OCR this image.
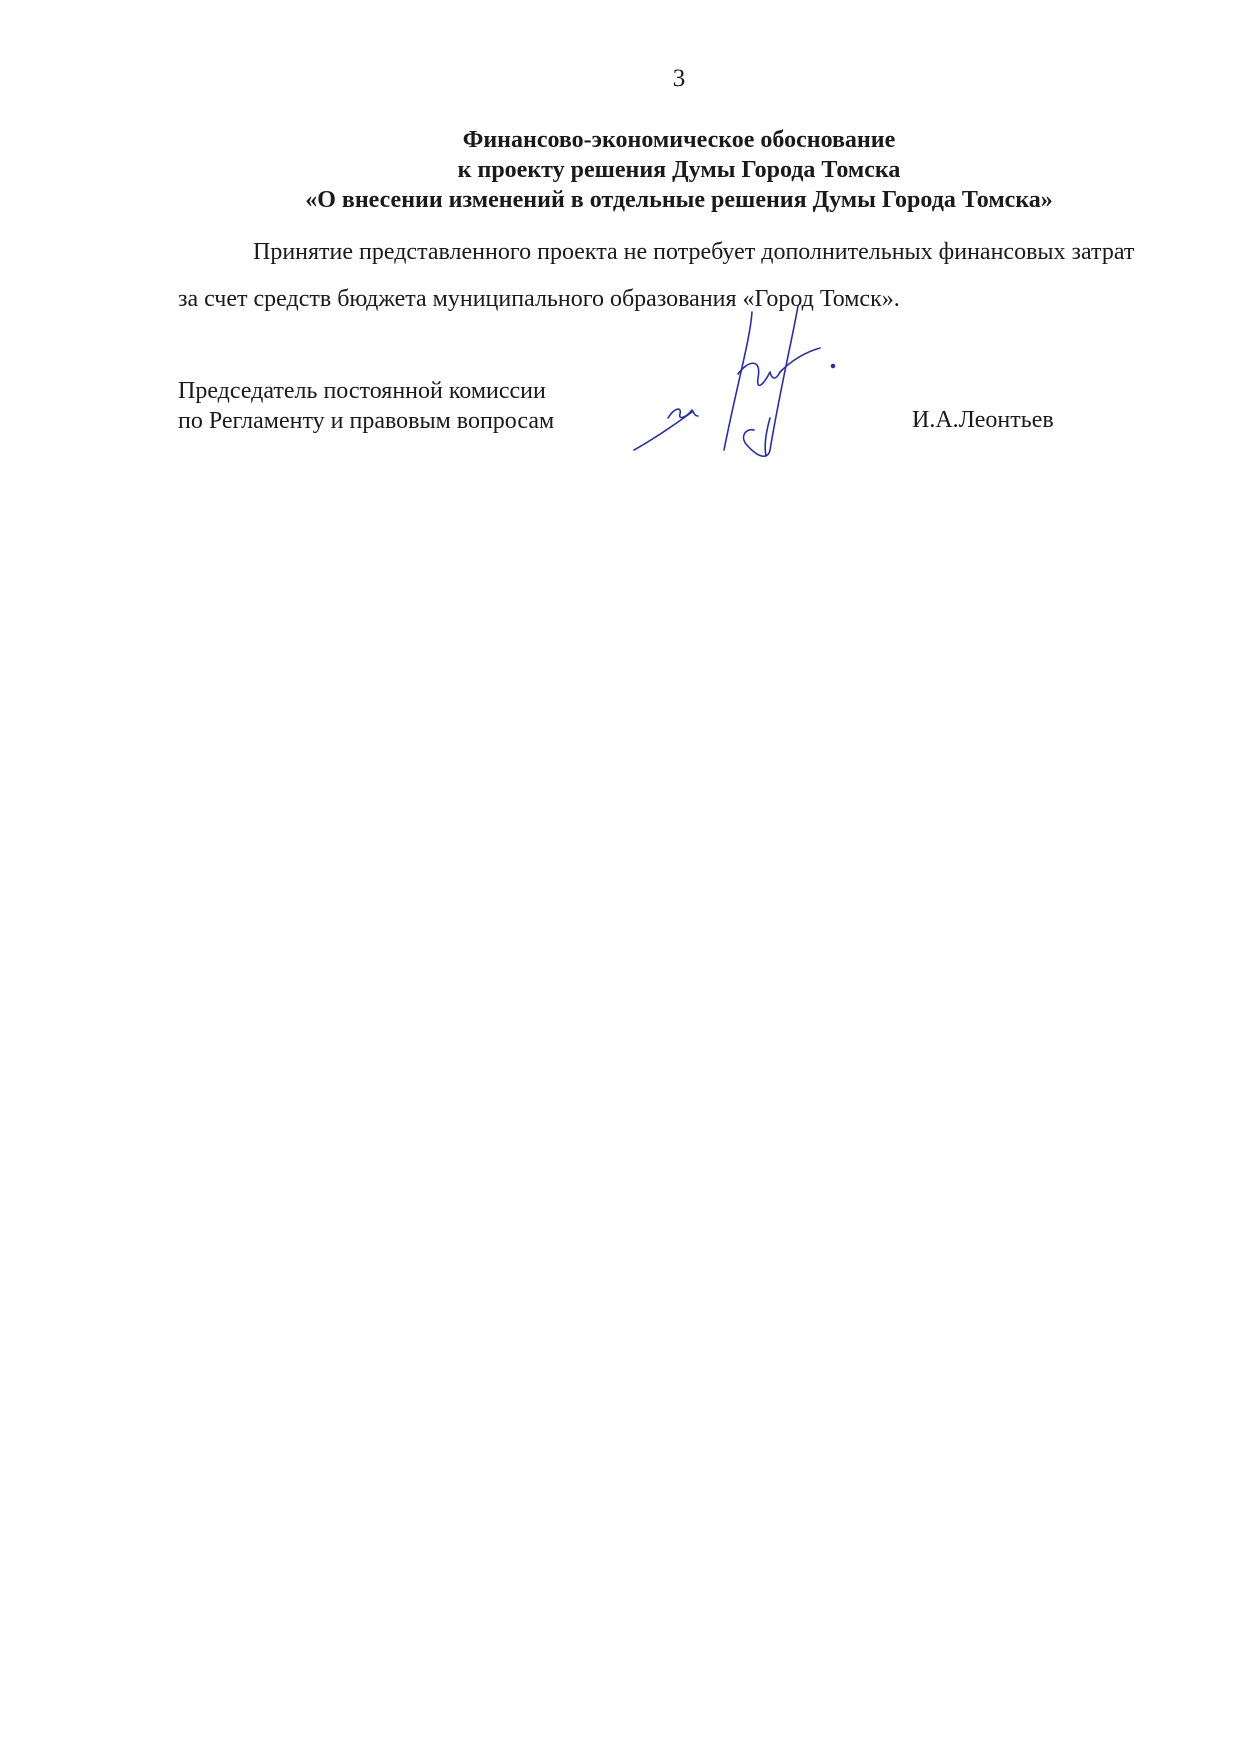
3
Финансово-экономическое обоснование
к проекту решения Думы Города Томска
«О внесении изменений в отдельные решения Думы Города Томска»
Принятие представленного проекта не потребует дополнительных финансовых затрат
за счет средств бюджета муниципального образования «Город Томск».
Председатель постоянной комиссии
по Регламенту и правовым вопросам	И.А.Леонтьев
